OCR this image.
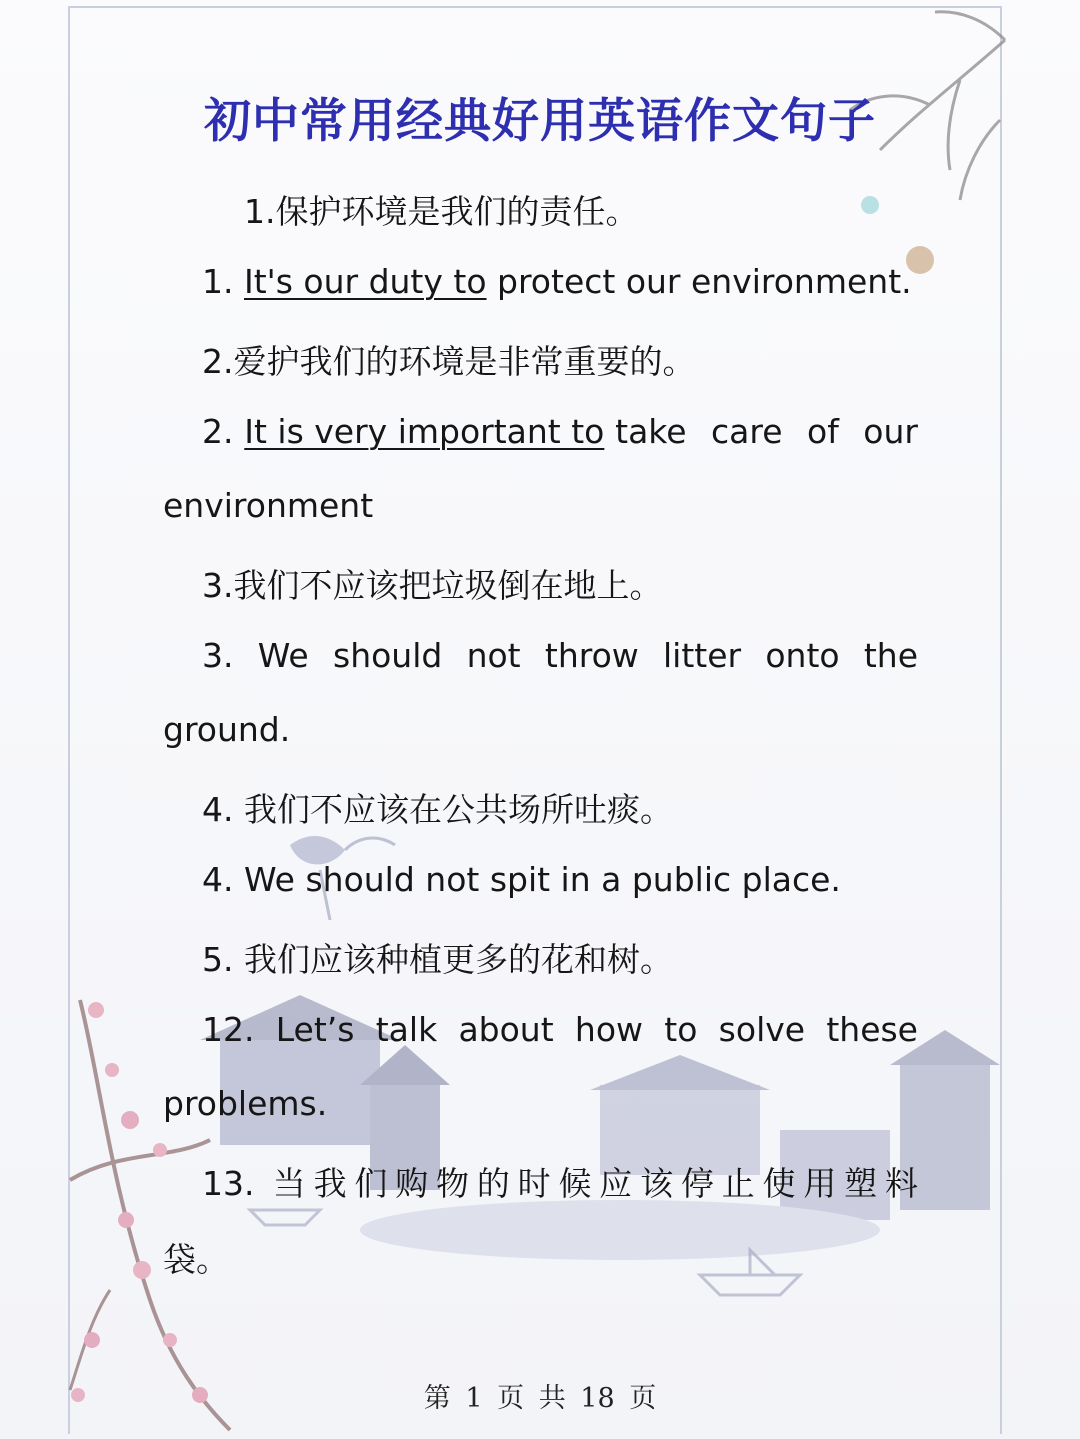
初中常用经典好用英语作文句子
1.保护环境是我们的责任。
1. It's our duty to protect our environment.
2.爱护我们的环境是非常重要的。
2. It is very important to take care of our
environment
3.我们不应该把垃圾倒在地上。
3. We should not throw litter onto the
ground.
4. 我们不应该在公共场所吐痰。
4. We should not spit in a public place.
5. 我们应该种植更多的花和树。
12. Let’s talk about how to solve these
problems.
13. 当我们购物的时候应该停止使用塑料
袋。
第 1 页 共 18 页
